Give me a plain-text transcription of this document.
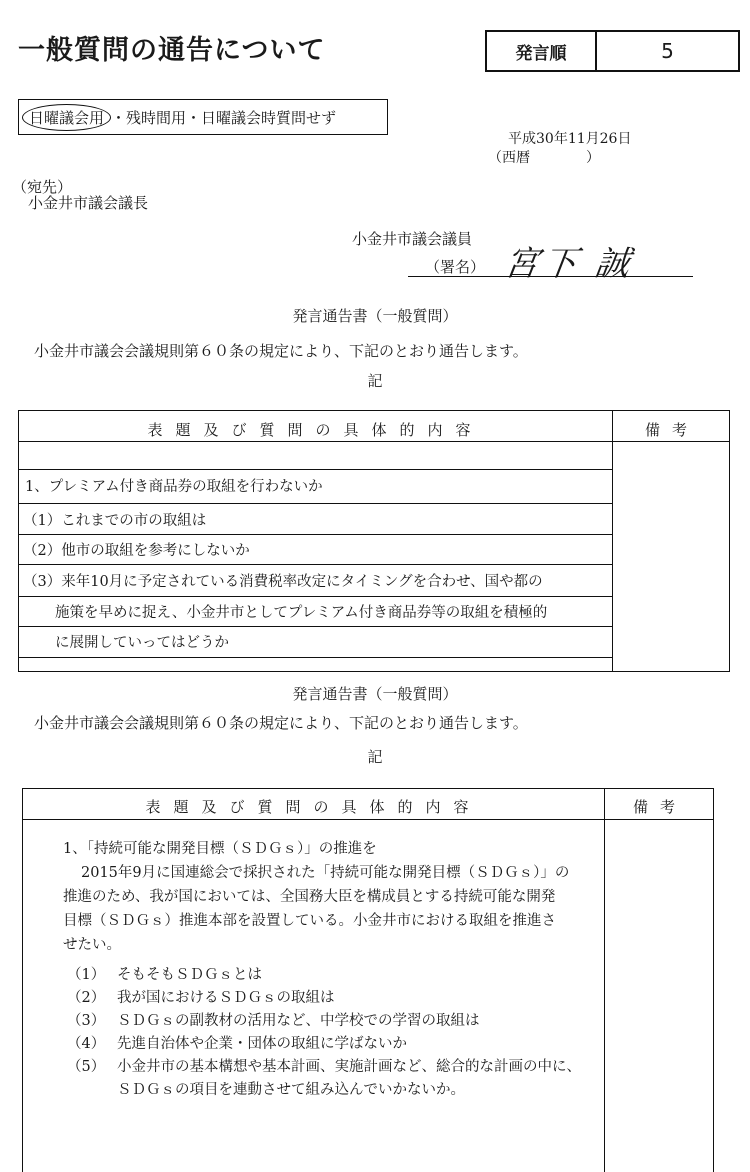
一般質問の通告について	発言順	5
日曜議会用 ・残時間用・日曜議会時質問せず
平成30年11月26日
（西暦　　　　）
（宛先）
小金井市議会議長
小金井市議会議員
（署名） 宮下 誠
発言通告書（一般質問）
小金井市議会会議規則第６０条の規定により、下記のとおり通告します。
記
表題及び質問の具体的内容	備考
1、プレミアム付き商品券の取組を行わないか
（1）これまでの市の取組は
（2）他市の取組を参考にしないか
（3）来年10月に予定されている消費税率改定にタイミングを合わせ、国や都の
施策を早めに捉え、小金井市としてプレミアム付き商品券等の取組を積極的
に展開していってはどうか
発言通告書（一般質問）
小金井市議会会議規則第６０条の規定により、下記のとおり通告します。
記
表題及び質問の具体的内容	備考
1、「持続可能な開発目標（ＳＤＧｓ）」の推進を
2015年9月に国連総会で採択された「持続可能な開発目標（ＳＤＧｓ）」の
推進のため、我が国においては、全国務大臣を構成員とする持続可能な開発
目標（ＳＤＧｓ）推進本部を設置している。小金井市における取組を推進さ
せたい。
（1） そもそもＳＤＧｓとは
（2） 我が国におけるＳＤＧｓの取組は
（3） ＳＤＧｓの副教材の活用など、中学校での学習の取組は
（4） 先進自治体や企業・団体の取組に学ばないか
（5） 小金井市の基本構想や基本計画、実施計画など、総合的な計画の中に、
ＳＤＧｓの項目を連動させて組み込んでいかないか。
